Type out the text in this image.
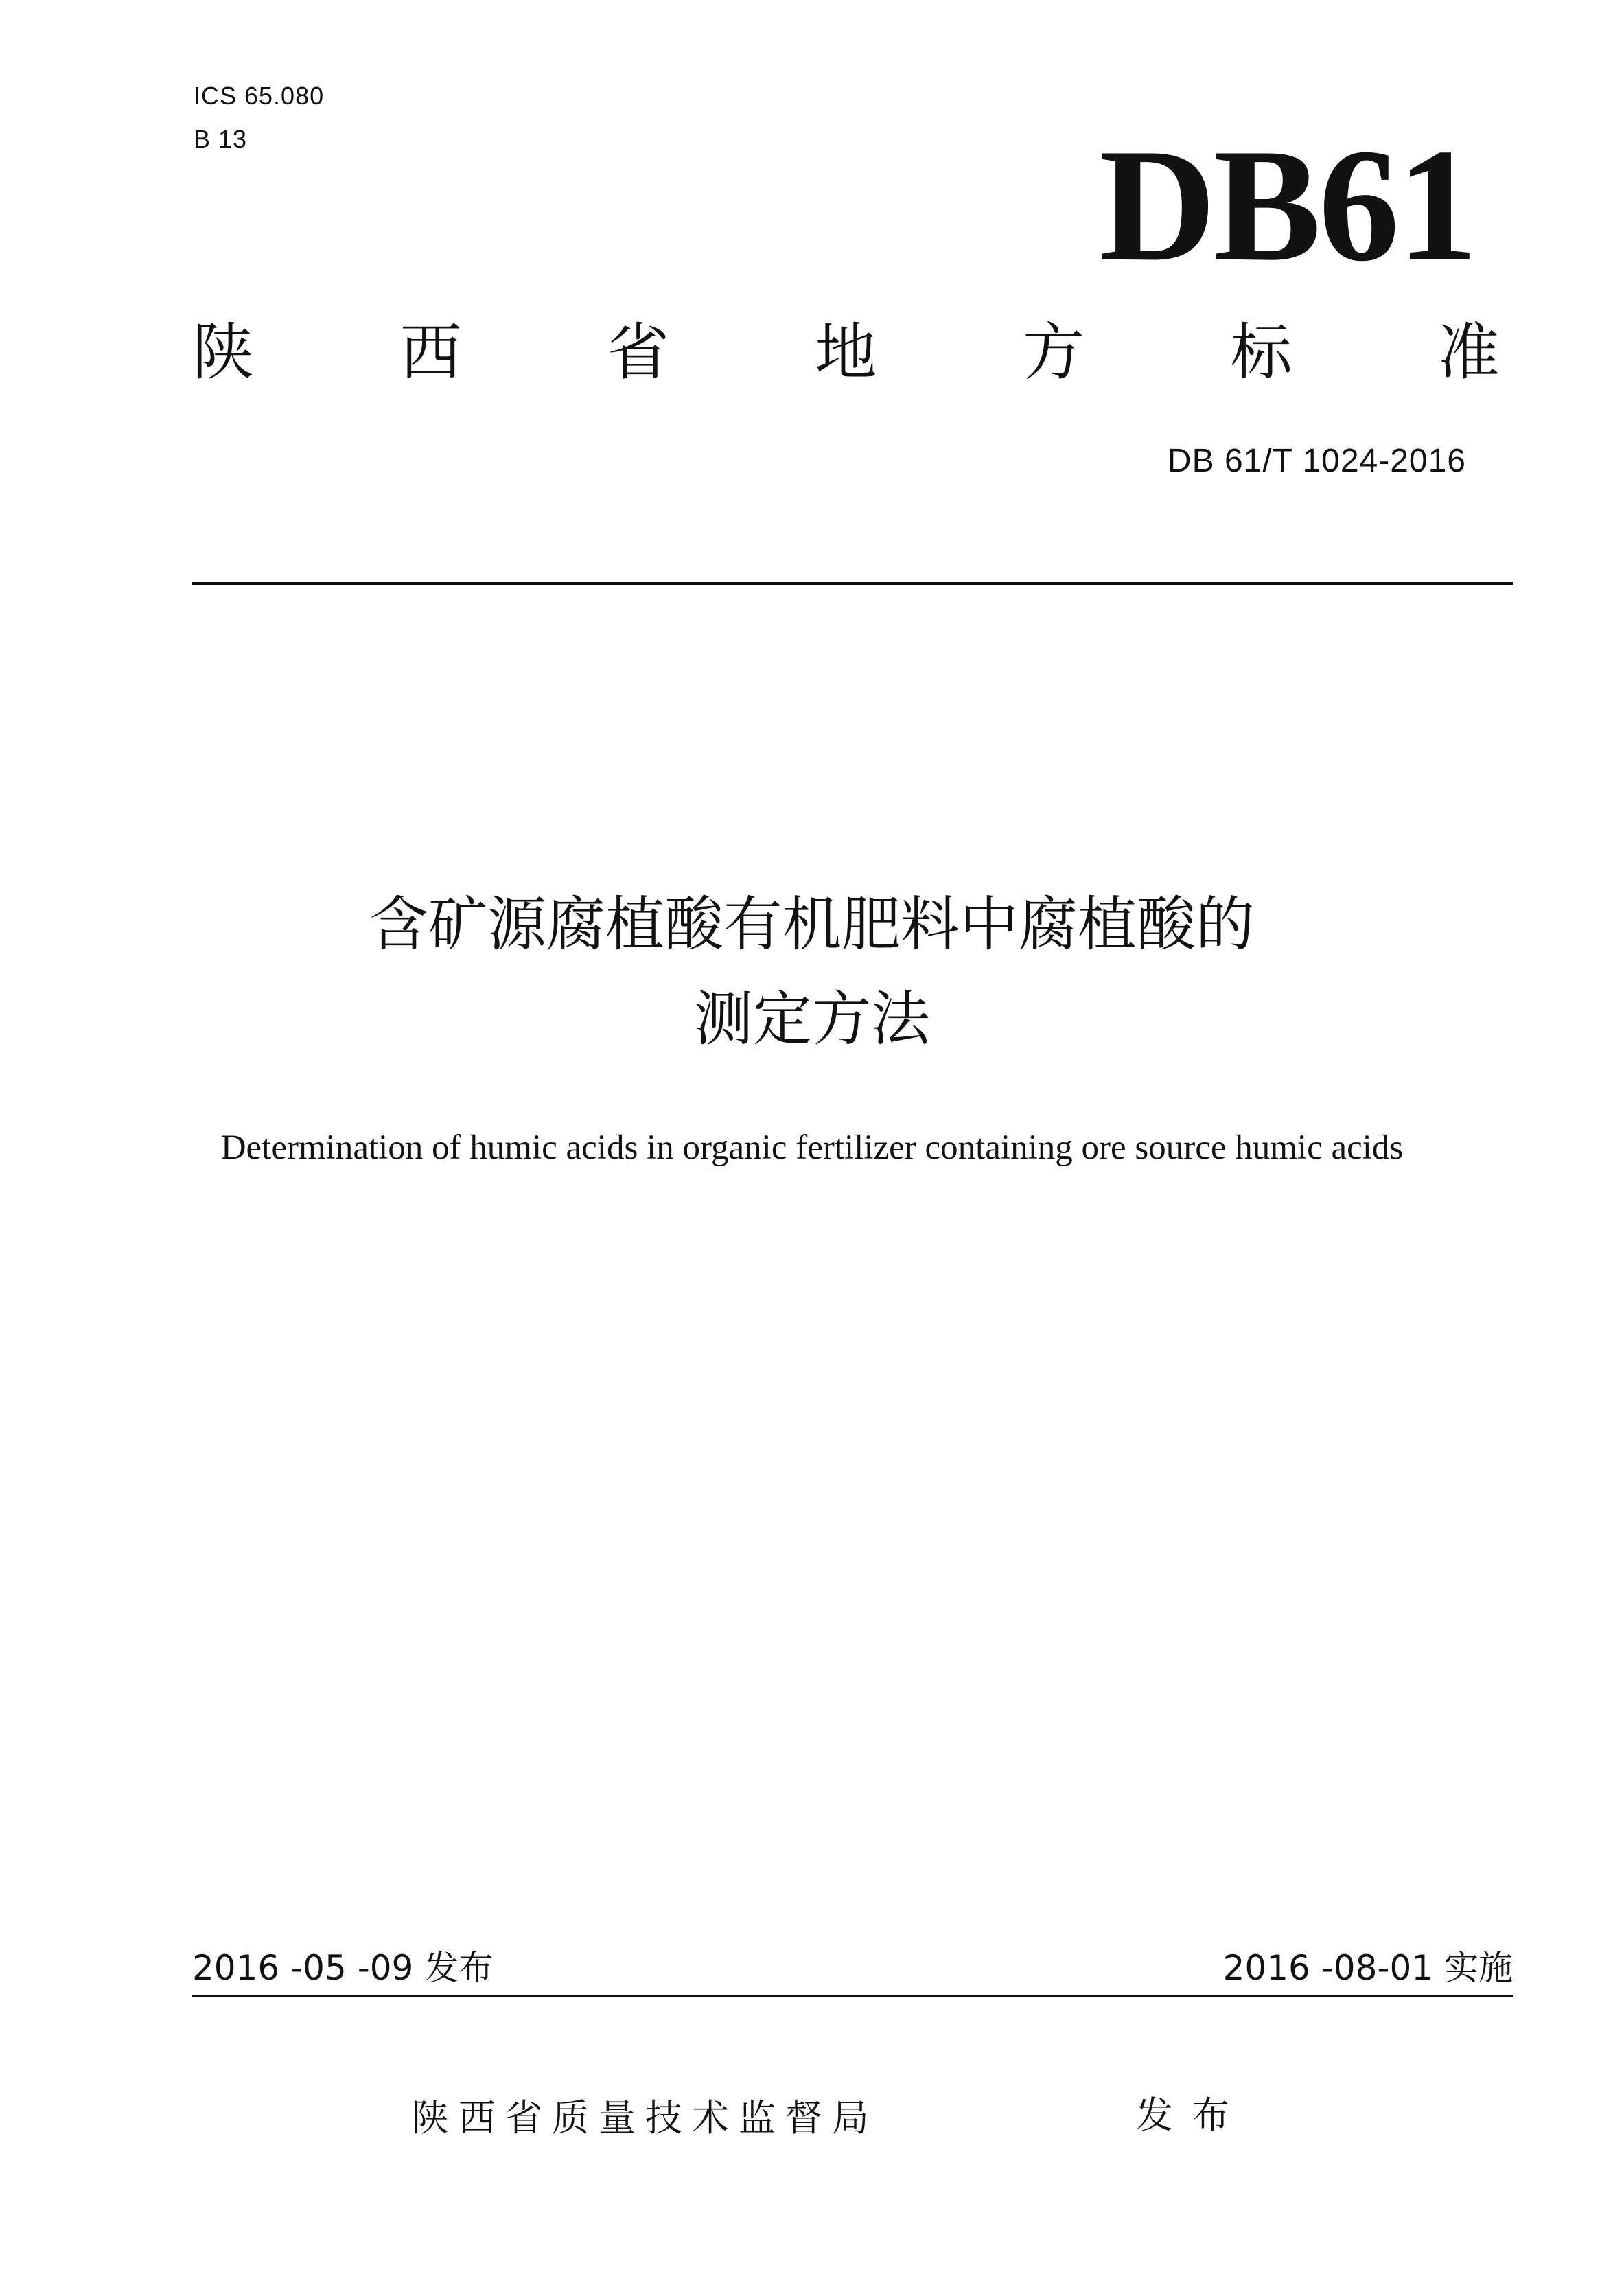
ICS 65.080
B 13	DB61
陕 西 省 地 方 标 准
DB 61/T 1024-2016
含矿源腐植酸有机肥料中腐植酸的
测定方法
Determination of humic acids in organic fertilizer containing ore source humic acids
2016 -05 -09 发布	2016 -08-01 实施
陕西省质量技术监督局	发布
